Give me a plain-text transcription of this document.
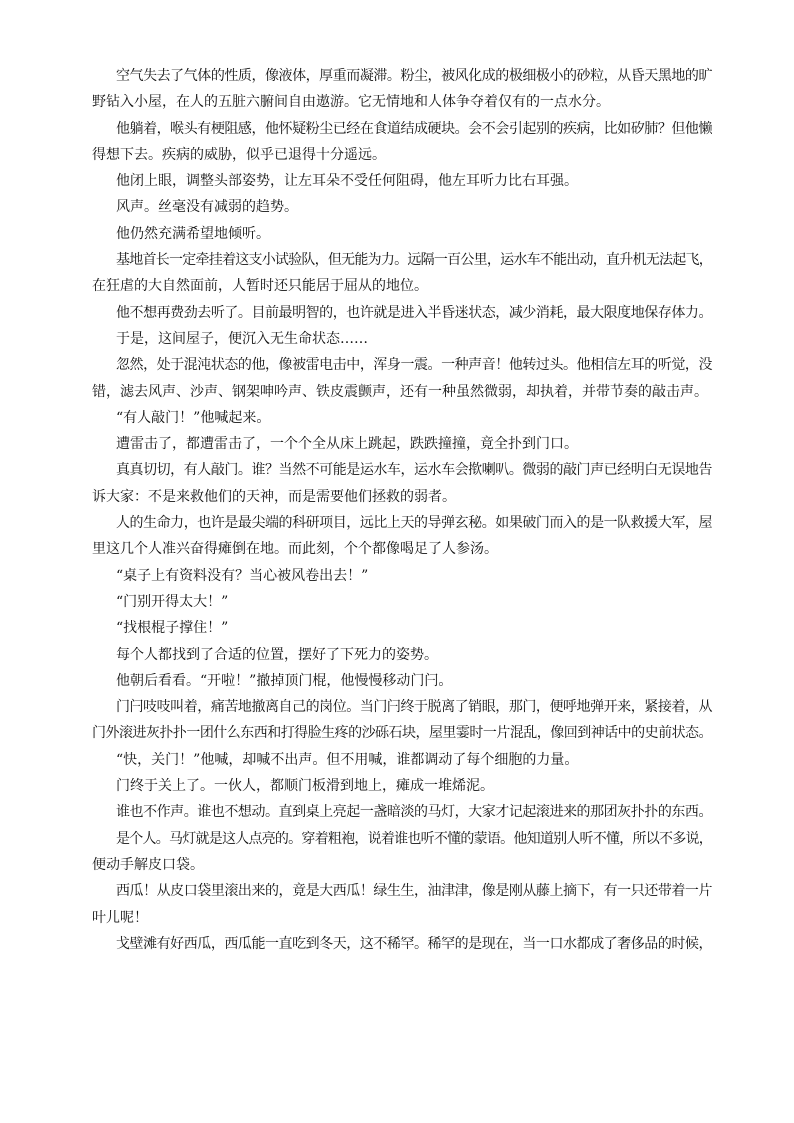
空气失去了气体的性质，像液体，厚重而凝滞。粉尘，被风化成的极细极小的砂粒，从昏天黑地的旷
野钻入小屋，在人的五脏六腑间自由遨游。它无情地和人体争夺着仅有的一点水分。
他躺着，喉头有梗阻感，他怀疑粉尘已经在食道结成硬块。会不会引起别的疾病，比如矽肺？但他懒
得想下去。疾病的威胁，似乎已退得十分遥远。
他闭上眼，调整头部姿势，让左耳朵不受任何阻碍，他左耳听力比右耳强。
风声。丝毫没有减弱的趋势。
他仍然充满希望地倾听。
基地首长一定牵挂着这支小试验队，但无能为力。远隔一百公里，运水车不能出动，直升机无法起飞，
在狂虐的大自然面前，人暂时还只能居于屈从的地位。
他不想再费劲去听了。目前最明智的，也许就是进入半昏迷状态，减少消耗，最大限度地保存体力。
于是，这间屋子，便沉入无生命状态……
忽然，处于混沌状态的他，像被雷电击中，浑身一震。一种声音！他转过头。他相信左耳的听觉，没
错，滤去风声、沙声、钢架呻吟声、铁皮震颤声，还有一种虽然微弱，却执着，并带节奏的敲击声。
“有人敲门！”他喊起来。
遭雷击了，都遭雷击了，一个个全从床上跳起，跌跌撞撞，竟全扑到门口。
真真切切，有人敲门。谁？当然不可能是运水车，运水车会揿喇叭。微弱的敲门声已经明白无误地告
诉大家：不是来救他们的天神，而是需要他们拯救的弱者。
人的生命力，也许是最尖端的科研项目，远比上天的导弹玄秘。如果破门而入的是一队救援大军，屋
里这几个人准兴奋得瘫倒在地。而此刻，个个都像喝足了人参汤。
“桌子上有资料没有？当心被风卷出去！”
“门别开得太大！”
“找根棍子撑住！”
每个人都找到了合适的位置，摆好了下死力的姿势。
他朝后看看。“开啦！”撤掉顶门棍，他慢慢移动门闩。
门闩吱吱叫着，痛苦地撤离自己的岗位。当门闩终于脱离了销眼，那门，便呼地弹开来，紧接着，从
门外滚进灰扑扑一团什么东西和打得脸生疼的沙砾石块，屋里霎时一片混乱，像回到神话中的史前状态。
“快，关门！”他喊，却喊不出声。但不用喊，谁都调动了每个细胞的力量。
门终于关上了。一伙人，都顺门板滑到地上，瘫成一堆烯泥。
谁也不作声。谁也不想动。直到桌上亮起一盏暗淡的马灯，大家才记起滚进来的那团灰扑扑的东西。
是个人。马灯就是这人点亮的。穿着粗袍，说着谁也听不懂的蒙语。他知道别人听不懂，所以不多说，
便动手解皮口袋。
西瓜！从皮口袋里滚出来的，竟是大西瓜！绿生生，油津津，像是刚从藤上摘下，有一只还带着一片
叶儿呢！
戈壁滩有好西瓜，西瓜能一直吃到冬天，这不稀罕。稀罕的是现在，当一口水都成了奢侈品的时候，
